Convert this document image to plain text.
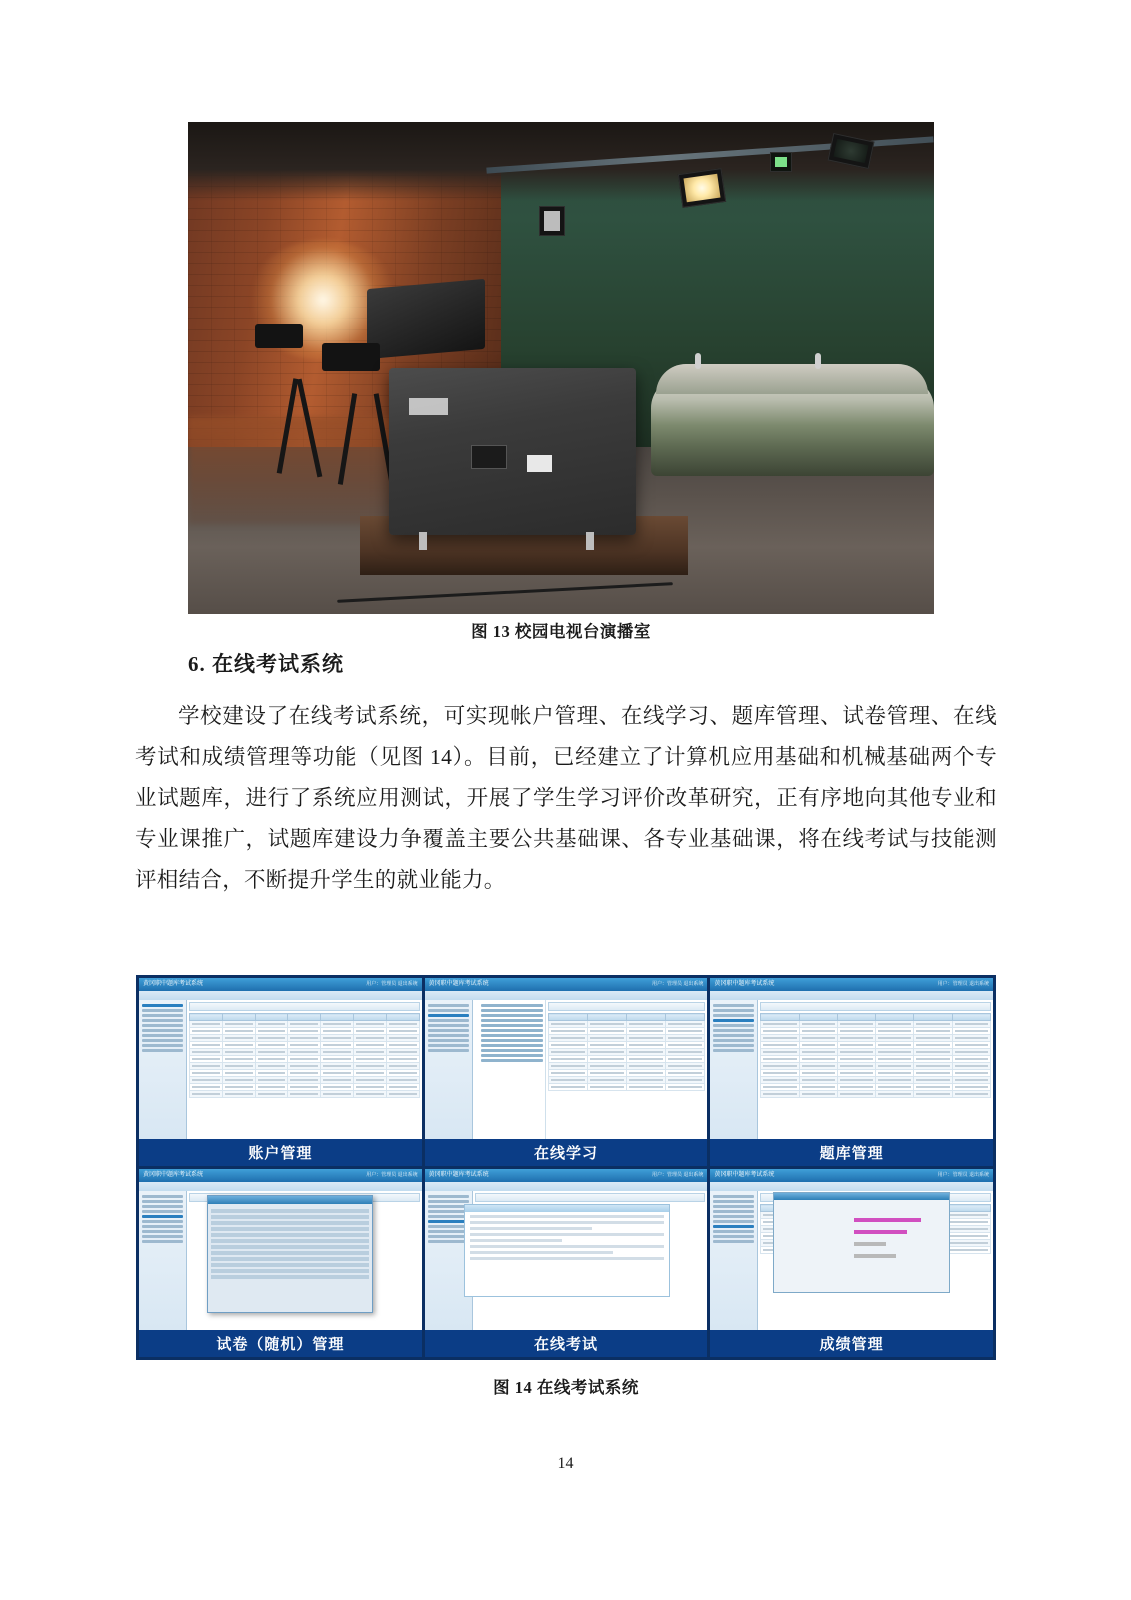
图 13 校园电视台演播室
6. 在线考试系统
学校建设了在线考试系统，可实现帐户管理、在线学习、题库管理、试卷管理、在线考试和成绩管理等功能（见图 14）。目前，已经建立了计算机应用基础和机械基础两个专业试题库，进行了系统应用测试，开展了学生学习评价改革研究，正有序地向其他专业和专业课推广，试题库建设力争覆盖主要公共基础课、各专业基础课，将在线考试与技能测评相结合，不断提升学生的就业能力。
黄冈职中题库考试系统	用户：管理员 退出系统

账户管理
黄冈职中题库考试系统	用户：管理员 退出系统

在线学习
黄冈职中题库考试系统	用户：管理员 退出系统

题库管理
黄冈职中题库考试系统	用户：管理员 退出系统
试卷（随机）管理
黄冈职中题库考试系统	用户：管理员 退出系统
在线考试
黄冈职中题库考试系统	用户：管理员 退出系统

成绩管理
图 14 在线考试系统
14
